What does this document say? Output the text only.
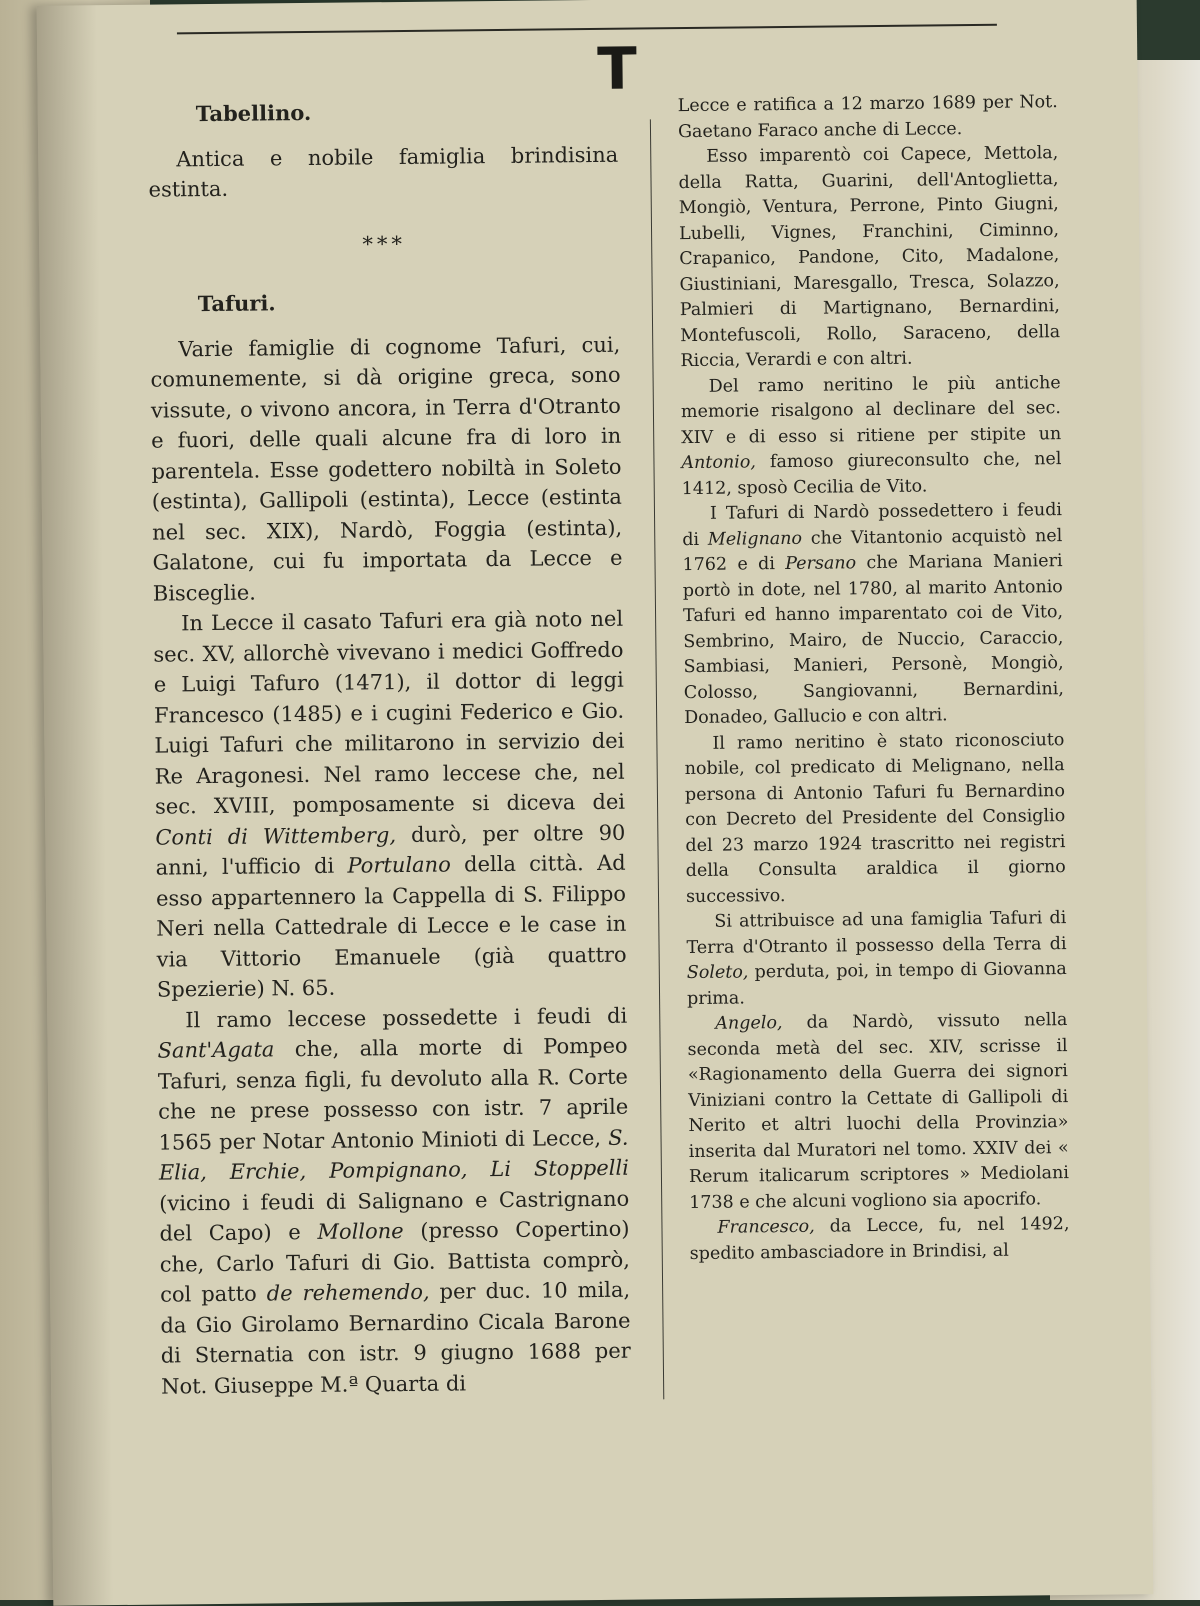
T
Tabellino.

Antica e nobile famiglia brindisina estinta.

***
Tafuri.

Varie famiglie di cognome Tafuri, cui, comunemente, si dà origine greca, sono vissute, o vivono ancora, in Terra d'Otranto e fuori, delle quali alcune fra di loro in parentela. Esse godettero nobiltà in Soleto (estinta), Gallipoli (estinta), Lecce (estinta nel sec. XIX), Nardò, Foggia (estinta), Galatone, cui fu importata da Lecce e Bisceglie.

In Lecce il casato Tafuri era già noto nel sec. XV, allorchè vivevano i medici Goffredo e Luigi Tafuro (1471), il dottor di leggi Francesco (1485) e i cugini Federico e Gio. Luigi Tafuri che militarono in servizio dei Re Aragonesi. Nel ramo leccese che, nel sec. XVIII, pomposamente si diceva dei Conti di Wittemberg, durò, per oltre 90 anni, l'ufficio di Portulano della città. Ad esso appartennero la Cappella di S. Filippo Neri nella Cattedrale di Lecce e le case in via Vittorio Emanuele (già quattro Spezierie) N. 65.

Il ramo leccese possedette i feudi di Sant'Agata che, alla morte di Pompeo Tafuri, senza figli, fu devoluto alla R. Corte che ne prese possesso con istr. 7 aprile 1565 per Notar Antonio Minioti di Lecce, S. Elia, Erchie, Pompignano, Li Stoppelli (vicino i feudi di Salignano e Castrignano del Capo) e Mollone (presso Copertino) che, Carlo Tafuri di Gio. Battista comprò, col patto de rehemendo, per duc. 10 mila, da Gio Girolamo Bernardino Cicala Barone di Sternatia con istr. 9 giugno 1688 per Not. Giuseppe M.ª Quarta di

Lecce e ratifica a 12 marzo 1689 per Not. Gaetano Faraco anche di Lecce.

Esso imparentò coi Capece, Mettola, della Ratta, Guarini, dell'Antoglietta, Mongiò, Ventura, Perrone, Pinto Giugni, Lubelli, Vignes, Franchini, Ciminno, Crapanico, Pandone, Cito, Madalone, Giustiniani, Maresgallo, Tresca, Solazzo, Palmieri di Martignano, Bernardini, Montefuscoli, Rollo, Saraceno, della Riccia, Verardi e con altri.

Del ramo neritino le più antiche memorie risalgono al declinare del sec. XIV e di esso si ritiene per stipite un Antonio, famoso giureconsulto che, nel 1412, sposò Cecilia de Vito.

I Tafuri di Nardò possedettero i feudi di Melignano che Vitantonio acquistò nel 1762 e di Persano che Mariana Manieri portò in dote, nel 1780, al marito Antonio Tafuri ed hanno imparentato coi de Vito, Sembrino, Mairo, de Nuccio, Caraccio, Sambiasi, Manieri, Personè, Mongiò, Colosso, Sangiovanni, Bernardini, Donadeo, Gallucio e con altri.

Il ramo neritino è stato riconosciuto nobile, col predicato di Melignano, nella persona di Antonio Tafuri fu Bernardino con Decreto del Presidente del Consiglio del 23 marzo 1924 trascritto nei registri della Consulta araldica il giorno successivo.

Si attribuisce ad una famiglia Tafuri di Terra d'Otranto il possesso della Terra di Soleto, perduta, poi, in tempo di Giovanna prima.

Angelo, da Nardò, vissuto nella seconda metà del sec. XIV, scrisse il «Ragionamento della Guerra dei signori Viniziani contro la Cettate di Gallipoli di Nerito et altri luochi della Provinzia» inserita dal Muratori nel tomo. XXIV dei « Rerum italicarum scriptores » Mediolani 1738 e che alcuni vogliono sia apocrifo.

Francesco, da Lecce, fu, nel 1492, spedito ambasciadore in Brindisi, al
